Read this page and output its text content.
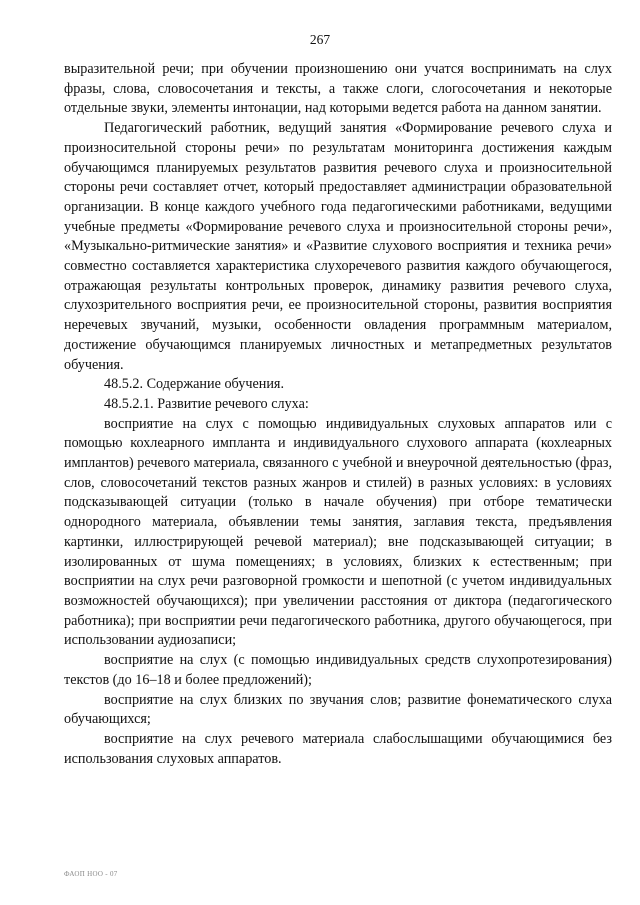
267

выразительной речи; при обучении произношению они учатся воспринимать на слух фразы, слова, словосочетания и тексты, а также слоги, слогосочетания и некоторые отдельные звуки, элементы интонации, над которыми ведется работа на данном занятии.

Педагогический работник, ведущий занятия «Формирование речевого слуха и произносительной стороны речи» по результатам мониторинга достижения каждым обучающимся планируемых результатов развития речевого слуха и произносительной стороны речи составляет отчет, который предоставляет администрации образовательной организации. В конце каждого учебного года педагогическими работниками, ведущими учебные предметы «Формирование речевого слуха и произносительной стороны речи», «Музыкально-ритмические занятия» и «Развитие слухового восприятия и техника речи» совместно составляется характеристика слухоречевого развития каждого обучающегося, отражающая результаты контрольных проверок, динамику развития речевого слуха, слухозрительного восприятия речи, ее произносительной стороны, развития восприятия неречевых звучаний, музыки, особенности овладения программным материалом, достижение обучающимся планируемых личностных и метапредметных результатов обучения.

48.5.2. Содержание обучения.

48.5.2.1. Развитие речевого слуха:

восприятие на слух с помощью индивидуальных слуховых аппаратов или с помощью кохлеарного импланта и индивидуального слухового аппарата (кохлеарных имплантов) речевого материала, связанного с учебной и внеурочной деятельностью (фраз, слов, словосочетаний текстов разных жанров и стилей) в разных условиях: в условиях подсказывающей ситуации (только в начале обучения) при отборе тематически однородного материала, объявлении темы занятия, заглавия текста, предъявления картинки, иллюстрирующей речевой материал); вне подсказывающей ситуации; в изолированных от шума помещениях; в условиях, близких к естественным; при восприятии на слух речи разговорной громкости и шепотной (с учетом индивидуальных возможностей обучающихся); при увеличении расстояния от диктора (педагогического работника); при восприятии речи педагогического работника, другого обучающегося, при использовании аудиозаписи;

восприятие на слух (с помощью индивидуальных средств слухопротезирования) текстов (до 16–18 и более предложений);

восприятие на слух близких по звучания слов; развитие фонематического слуха обучающихся;

восприятие на слух речевого материала слабослышащими обучающимися без использования слуховых аппаратов.

ФАОП НОО - 07
